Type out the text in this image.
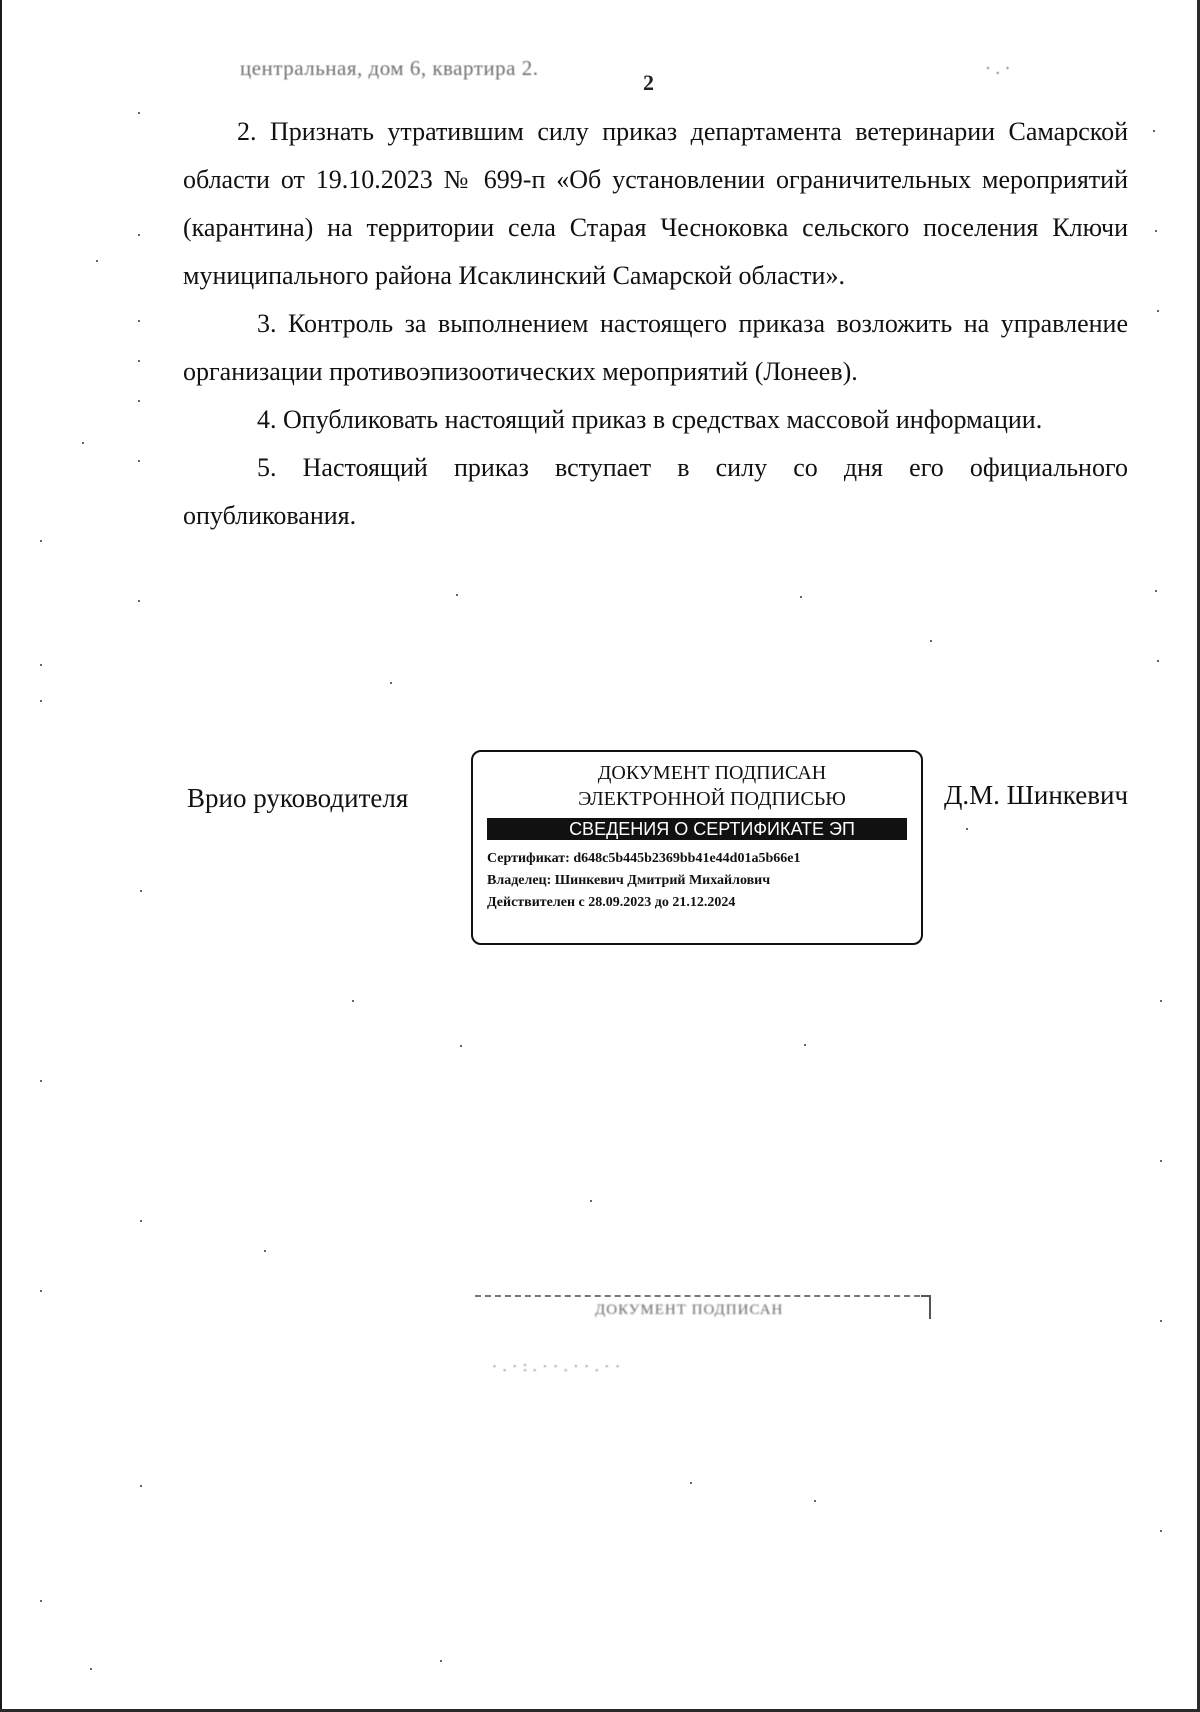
центральная, дом 6, квартира 2.
2
· . ·

2. Признать утратившим силу приказ департамента ветеринарии Самарской области от 19.10.2023 № 699-п «Об установлении ограничительных мероприятий (карантина) на территории села Старая Чесноковка сельского поселения Ключи муниципального района Исаклинский Самарской области».

3. Контроль за выполнением настоящего приказа возложить на управление организации противоэпизоотических мероприятий (Лонеев).

4. Опубликовать настоящий приказ в средствах массовой информации.

5. Настоящий приказ вступает в силу со дня его официального опубликования.

Врио руководителя
ДОКУМЕНТ ПОДПИСАН
ЭЛЕКТРОННОЙ ПОДПИСЬЮ
СВЕДЕНИЯ О СЕРТИФИКАТЕ ЭП
Сертификат: d648c5b445b2369bb41e44d01a5b66e1
Владелец: Шинкевич Дмитрий Михайлович
Действителен с 28.09.2023 до 21.12.2024
Д.М. Шинкевич
ДОКУМЕНТ ПОДПИСАН
· . · : . · · . · · . · ·
